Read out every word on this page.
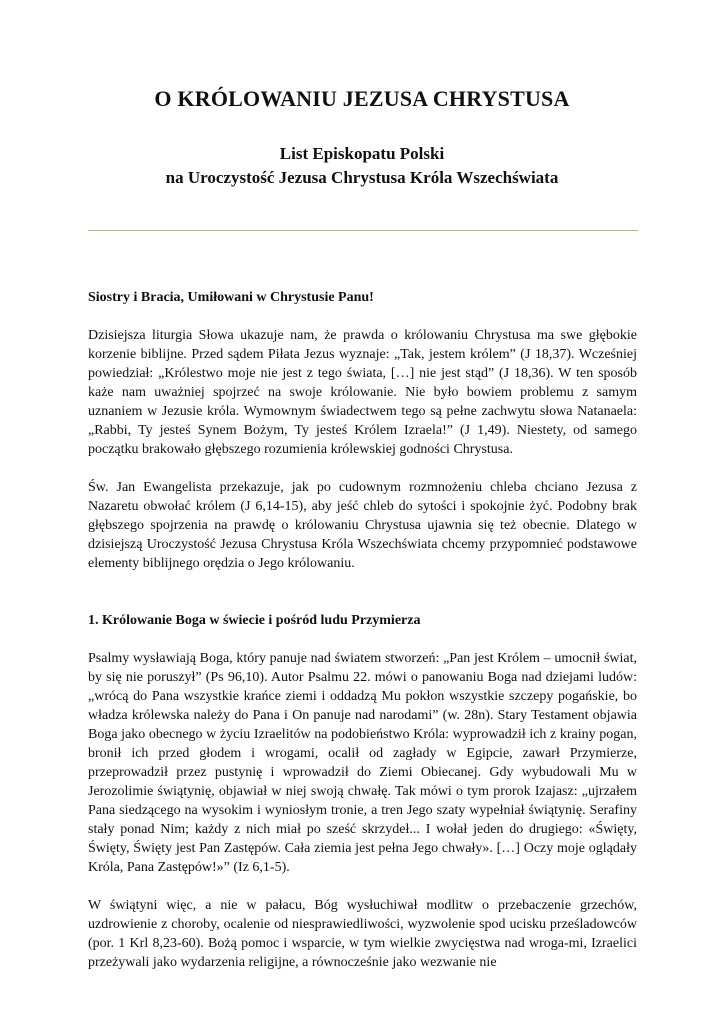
O KRÓLOWANIU JEZUSA CHRYSTUSA
List Episkopatu Polski
na Uroczystość Jezusa Chrystusa Króla Wszechświata

Siostry i Bracia, Umiłowani w Chrystusie Panu!

Dzisiejsza liturgia Słowa ukazuje nam, że prawda o królowaniu Chrystusa ma swe głębokie korzenie biblijne. Przed sądem Piłata Jezus wyznaje: „Tak, jestem królem” (J 18,37). Wcześniej powiedział: „Królestwo moje nie jest z tego świata, […] nie jest stąd” (J 18,36). W ten sposób każe nam uważniej spojrzeć na swoje królowanie. Nie było bowiem problemu z samym uznaniem w Jezusie króla. Wymownym świadectwem tego są pełne zachwytu słowa Natanaela: „Rabbi, Ty jesteś Synem Bożym, Ty jesteś Królem Izraela!” (J 1,49). Niestety, od samego początku brakowało głębszego rozumienia królewskiej godności Chrystusa.

Św. Jan Ewangelista przekazuje, jak po cudownym rozmnożeniu chleba chciano Jezusa z Nazaretu obwołać królem (J 6,14-15), aby jeść chleb do sytości i spokojnie żyć. Podobny brak głębszego spojrzenia na prawdę o królowaniu Chrystusa ujawnia się też obecnie. Dlatego w dzisiejszą Uroczystość Jezusa Chrystusa Króla Wszechświata chcemy przypomnieć podstawowe elementy biblijnego orędzia o Jego królowaniu.

1. Królowanie Boga w świecie i pośród ludu Przymierza

Psalmy wysławiają Boga, który panuje nad światem stworzeń: „Pan jest Królem – umocnił świat, by się nie poruszył” (Ps 96,10). Autor Psalmu 22. mówi o panowaniu Boga nad dziejami ludów: „wrócą do Pana wszystkie krańce ziemi i oddadzą Mu pokłon wszystkie szczepy pogańskie, bo władza królewska należy do Pana i On panuje nad narodami” (w. 28n). Stary Testament objawia Boga jako obecnego w życiu Izraelitów na podobieństwo Króla: wyprowadził ich z krainy pogan, bronił ich przed głodem i wrogami, ocalił od zagłady w Egipcie, zawarł Przymierze, przeprowadził przez pustynię i wprowadził do Ziemi Obiecanej. Gdy wybudowali Mu w Jerozolimie świątynię, objawiał w niej swoją chwałę. Tak mówi o tym prorok Izajasz: „ujrzałem Pana siedzącego na wysokim i wyniosłym tronie, a tren Jego szaty wypełniał świątynię. Serafiny stały ponad Nim; każdy z nich miał po sześć skrzydeł... I wołał jeden do drugiego: «Święty, Święty, Święty jest Pan Zastępów. Cała ziemia jest pełna Jego chwały». […] Oczy moje oglądały Króla, Pana Zastępów!»” (Iz 6,1-5).

W świątyni więc, a nie w pałacu, Bóg wysłuchiwał modlitw o przebaczenie grzechów, uzdrowienie z choroby, ocalenie od niesprawiedliwości, wyzwolenie spod ucisku prześladowców (por. 1 Krl 8,23-60). Bożą pomoc i wsparcie, w tym wielkie zwycięstwa nad wroga-mi, Izraelici przeżywali jako wydarzenia religijne, a równocześnie jako wezwanie nie
